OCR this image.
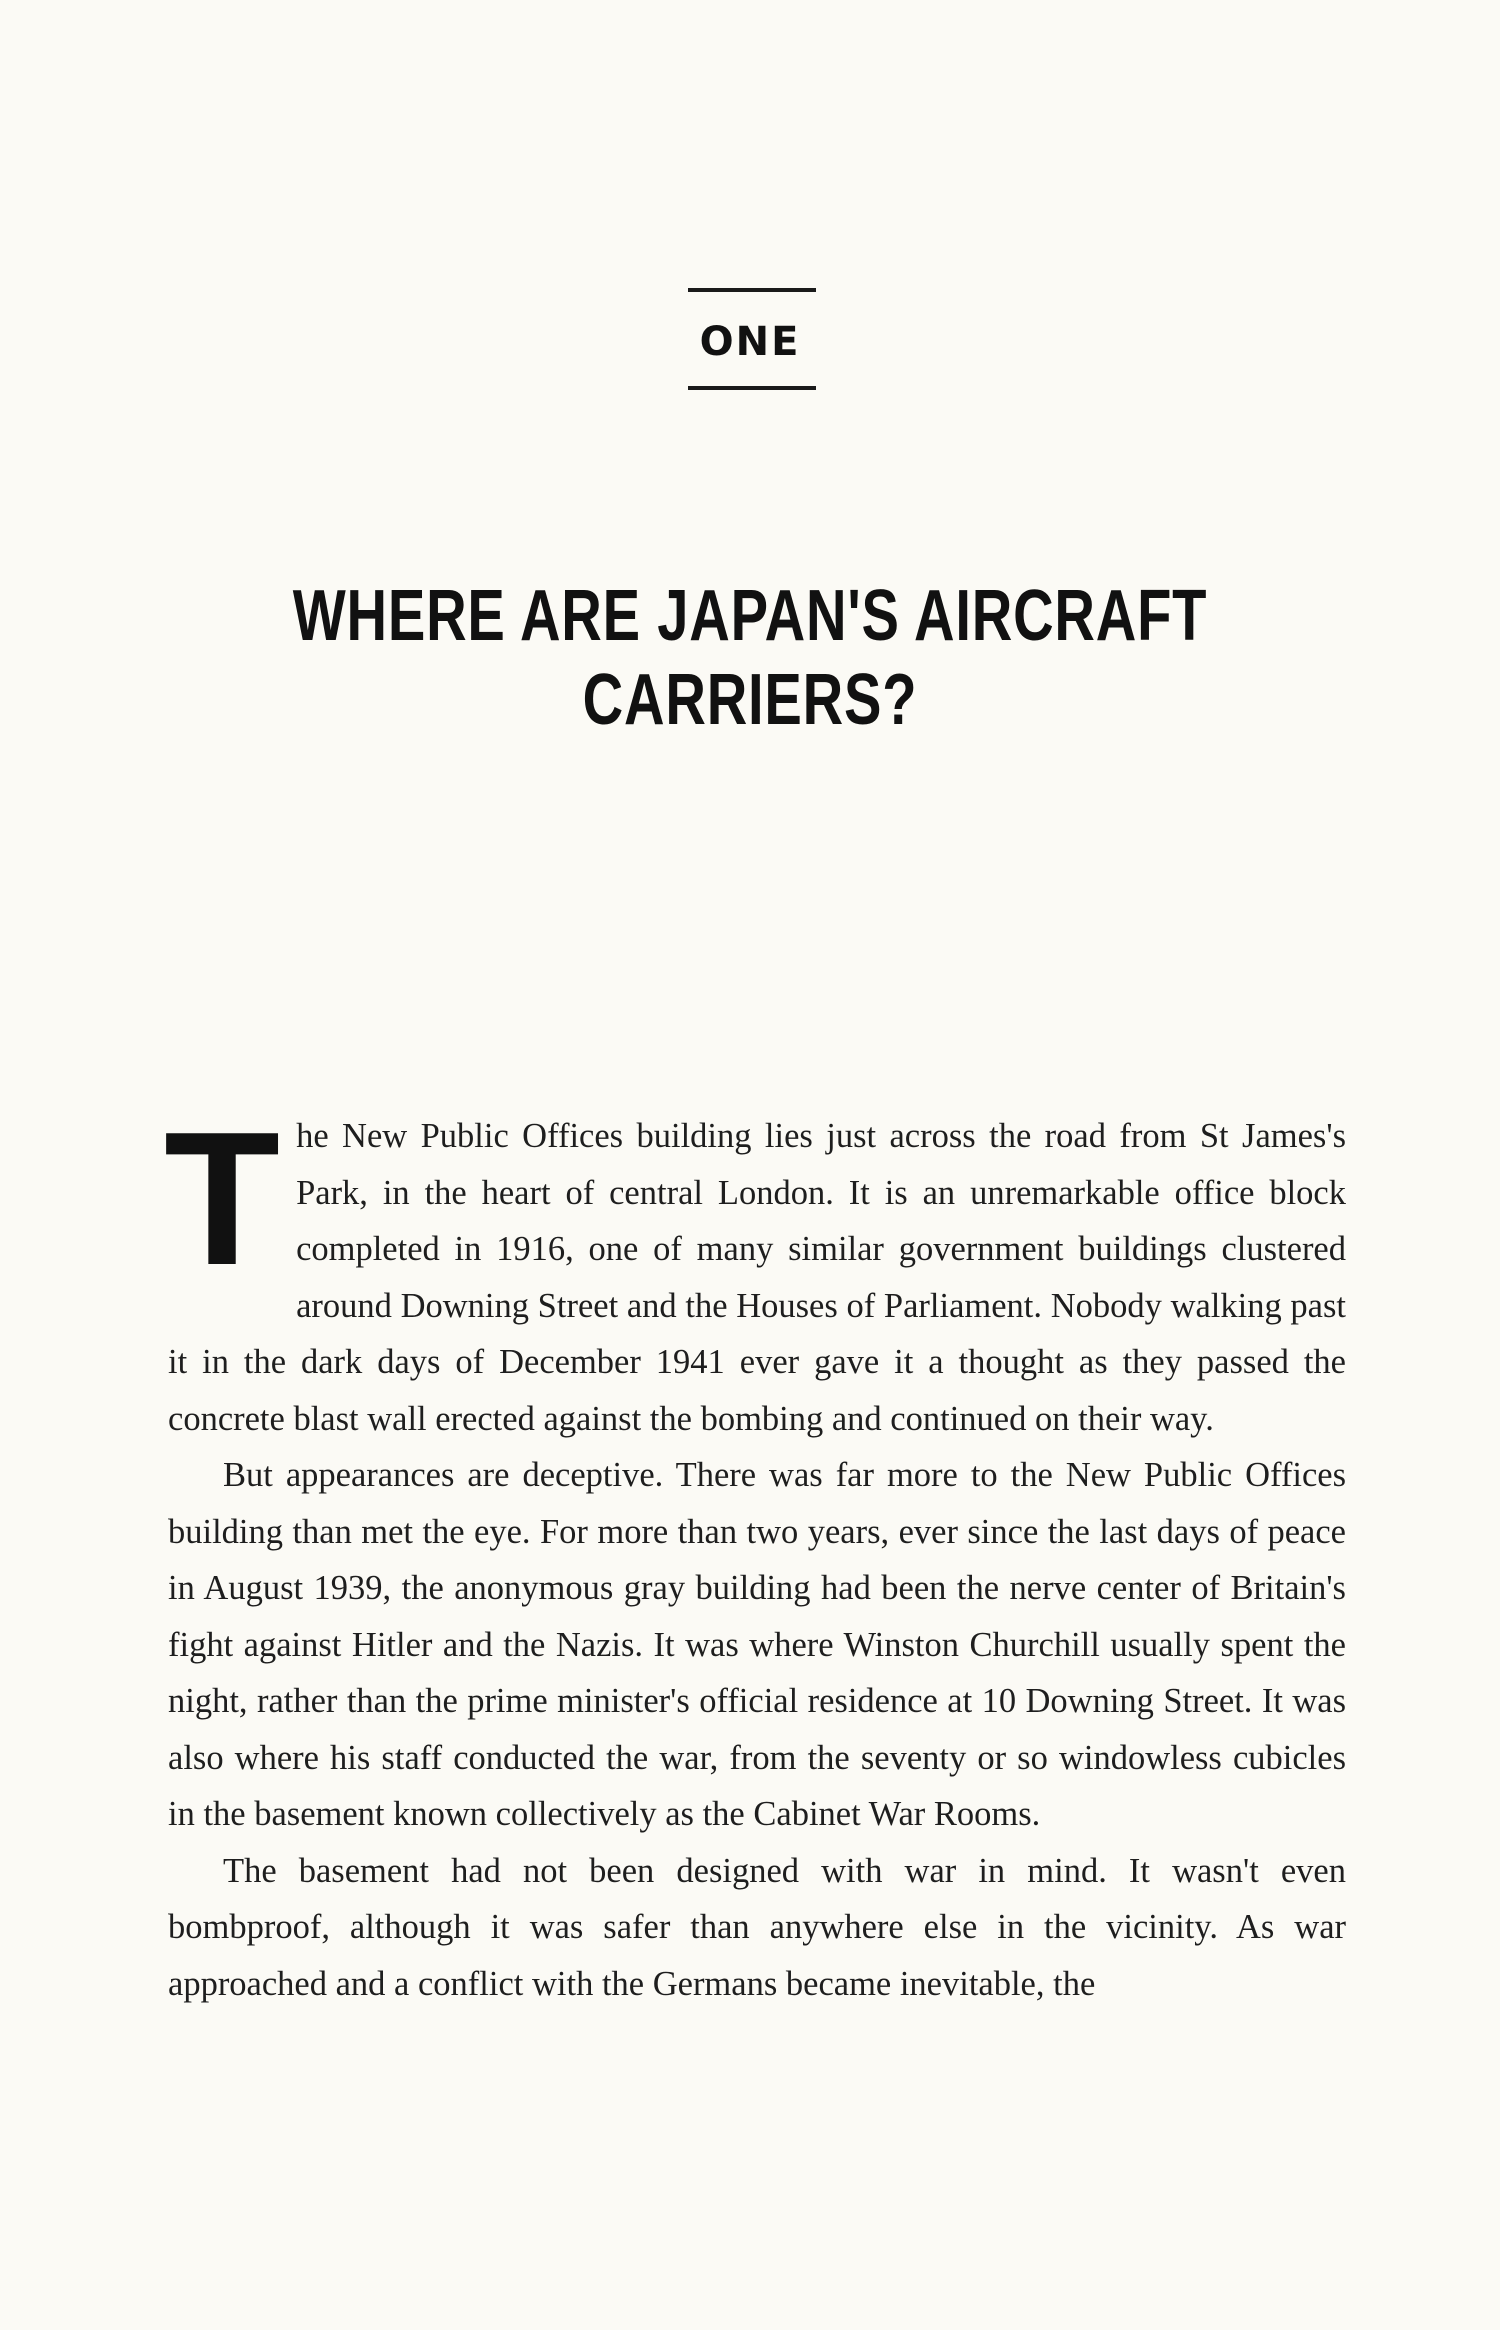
ONE
WHERE ARE JAPAN'S AIRCRAFT CARRIERS?

The New Public Offices building lies just across the road from St James's Park, in the heart of central London. It is an unremarkable office block completed in 1916, one of many similar government buildings clustered around Downing Street and the Houses of Parliament. Nobody walking past it in the dark days of December 1941 ever gave it a thought as they passed the concrete blast wall erected against the bombing and continued on their way.

But appearances are deceptive. There was far more to the New Public Offices building than met the eye. For more than two years, ever since the last days of peace in August 1939, the anonymous gray building had been the nerve center of Britain's fight against Hitler and the Nazis. It was where Winston Churchill usually spent the night, rather than the prime minister's official residence at 10 Downing Street. It was also where his staff conducted the war, from the seventy or so windowless cubicles in the basement known collectively as the Cabinet War Rooms.

The basement had not been designed with war in mind. It wasn't even bombproof, although it was safer than anywhere else in the vicinity. As war approached and a conflict with the Germans became inevitable, the
